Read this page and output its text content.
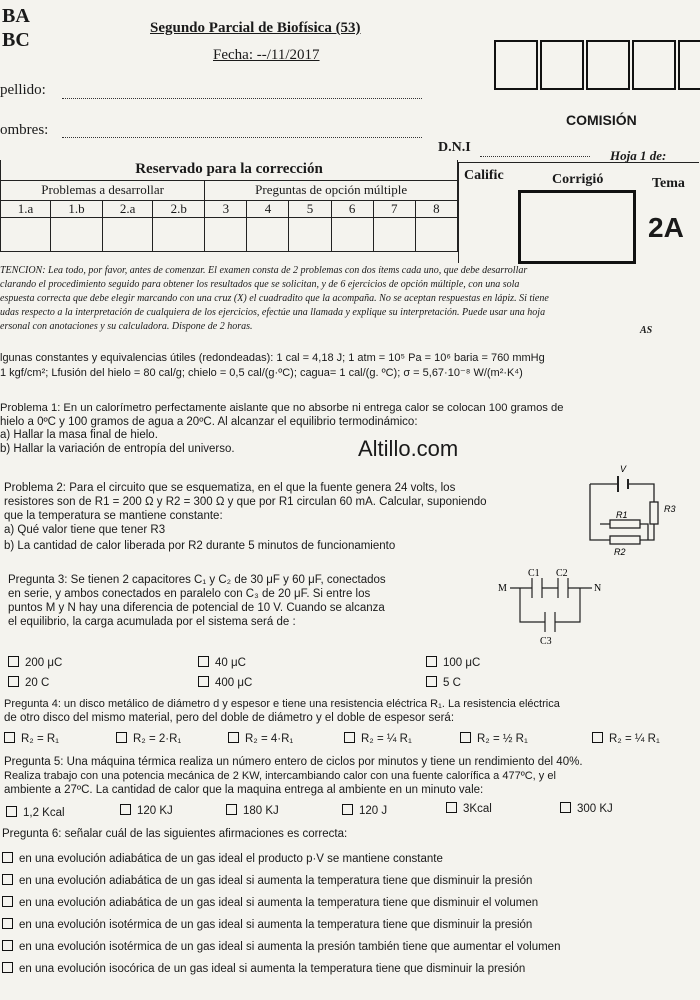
BA
BC
Segundo Parcial de Biofísica (53)
Fecha: --/11/2017
pellido:
ombres:
COMISIÓN
D.N.I
Hoja 1 de:
Reservado para la corrección									
Problemas a desarrollar				Preguntas de opción múltiple					
1.a	1.b	2.a	2.b	3	4	5	6	7	8

Calific	Corrigió	Tema
2A
TENCION: Lea todo, por favor, antes de comenzar. El examen consta de 2 problemas con dos ítems cada uno, que debe desarrollar
clarando el procedimiento seguido para obtener los resultados que se solicitan, y de 6 ejercicios de opción múltiple, con una sola
espuesta correcta que debe elegir marcando con una cruz (X) el cuadradito que la acompaña. No se aceptan respuestas en lápiz. Si tiene
udas respecto a la interpretación de cualquiera de los ejercicios, efectúe una llamada y explique su interpretación. Puede usar una hoja
ersonal con anotaciones y su calculadora. Dispone de 2 horas.	AS
lgunas constantes y equivalencias útiles (redondeadas): 1 cal = 4,18 J; 1 atm = 10⁵ Pa = 10⁶ baria = 760 mmHg
1 kgf/cm²; Lfusión del hielo = 80 cal/g; chielo = 0,5 cal/(g·ºC); cagua= 1 cal/(g. ºC); σ = 5,67·10⁻⁸ W/(m²·K⁴)
Problema 1: En un calorímetro perfectamente aislante que no absorbe ni entrega calor se colocan 100 gramos de
hielo a 0ºC y 100 gramos de agua a 20ºC. Al alcanzar el equilibrio termodinámico:
a) Hallar la masa final de hielo.
b) Hallar la variación de entropía del universo.	Altillo.com
Problema 2: Para el circuito que se esquematiza, en el que la fuente genera 24 volts, los
resistores son de R1 = 200 Ω y R2 = 300 Ω y que por R1 circulan 60 mA. Calcular, suponiendo
que la temperatura se mantiene constante:
a) Qué valor tiene que tener R3
b) La cantidad de calor liberada por R2 durante 5 minutos de funcionamiento
V
R1
R2
R3
Pregunta 3: Se tienen 2 capacitores C₁ y C₂ de 30 μF y 60 μF, conectados
en serie, y ambos conectados en paralelo con C₃ de 20 μF. Si entre los
puntos M y N hay una diferencia de potencial de 10 V. Cuando se alcanza
el equilibrio, la carga acumulada por el sistema será de :
M
C1 C2
N
C3
200 μC	40 μC	100 μC
20 C	400 μC	5 C
Pregunta 4: un disco metálico de diámetro d y espesor e tiene una resistencia eléctrica R₁. La resistencia eléctrica
de otro disco del mismo material, pero del doble de diámetro y el doble de espesor será:
R₂ = R₁	R₂ = 2·R₁	R₂ = 4·R₁	R₂ = ¼ R₁	R₂ = ½ R₁	R₂ = ¼ R₁
Pregunta 5: Una máquina térmica realiza un número entero de ciclos por minutos y tiene un rendimiento del 40%.
Realiza trabajo con una potencia mecánica de 2 KW, intercambiando calor con una fuente calorífica a 477ºC, y el
ambiente a 27ºC. La cantidad de calor que la maquina entrega al ambiente en un minuto vale:
1,2 Kcal	120 KJ	180 KJ	120 J	3Kcal	300 KJ
Pregunta 6: señalar cuál de las siguientes afirmaciones es correcta:
en una evolución adiabática de un gas ideal el producto p·V se mantiene constante
en una evolución adiabática de un gas ideal si aumenta la temperatura tiene que disminuir la presión
en una evolución adiabática de un gas ideal si aumenta la temperatura tiene que disminuir el volumen
en una evolución isotérmica de un gas ideal si aumenta la temperatura tiene que disminuir la presión
en una evolución isotérmica de un gas ideal si aumenta la presión también tiene que aumentar el volumen
en una evolución isocórica de un gas ideal si aumenta la temperatura tiene que disminuir la presión
